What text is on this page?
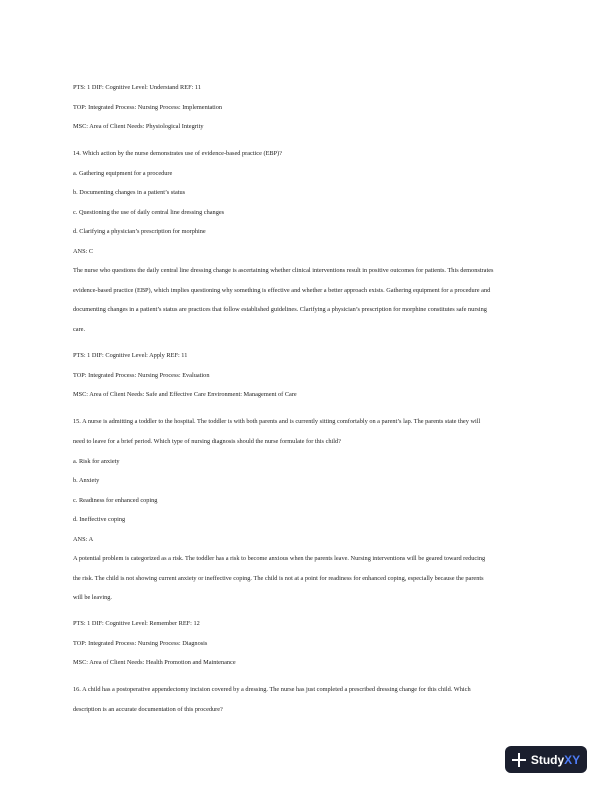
PTS: 1 DIF: Cognitive Level: Understand REF: 11
TOP: Integrated Process: Nursing Process: Implementation
MSC: Area of Client Needs: Physiological Integrity
14. Which action by the nurse demonstrates use of evidence-based practice (EBP)?
a. Gathering equipment for a procedure
b. Documenting changes in a patient’s status
c. Questioning the use of daily central line dressing changes
d. Clarifying a physician’s prescription for morphine
ANS: C
The nurse who questions the daily central line dressing change is ascertaining whether clinical interventions result in positive outcomes for patients. This demonstrates
evidence-based practice (EBP), which implies questioning why something is effective and whether a better approach exists. Gathering equipment for a procedure and
documenting changes in a patient’s status are practices that follow established guidelines. Clarifying a physician’s prescription for morphine constitutes safe nursing
care.
PTS: 1 DIF: Cognitive Level: Apply REF: 11
TOP: Integrated Process: Nursing Process: Evaluation
MSC: Area of Client Needs: Safe and Effective Care Environment: Management of Care
15. A nurse is admitting a toddler to the hospital. The toddler is with both parents and is currently sitting comfortably on a parent’s lap. The parents state they will
need to leave for a brief period. Which type of nursing diagnosis should the nurse formulate for this child?
a. Risk for anxiety
b. Anxiety
c. Readiness for enhanced coping
d. Ineffective coping
ANS: A
A potential problem is categorized as a risk. The toddler has a risk to become anxious when the parents leave. Nursing interventions will be geared toward reducing
the risk. The child is not showing current anxiety or ineffective coping. The child is not at a point for readiness for enhanced coping, especially because the parents
will be leaving.
PTS: 1 DIF: Cognitive Level: Remember REF: 12
TOP: Integrated Process: Nursing Process: Diagnosis
MSC: Area of Client Needs: Health Promotion and Maintenance
16. A child has a postoperative appendectomy incision covered by a dressing. The nurse has just completed a prescribed dressing change for this child. Which
description is an accurate documentation of this procedure?
Study XY
